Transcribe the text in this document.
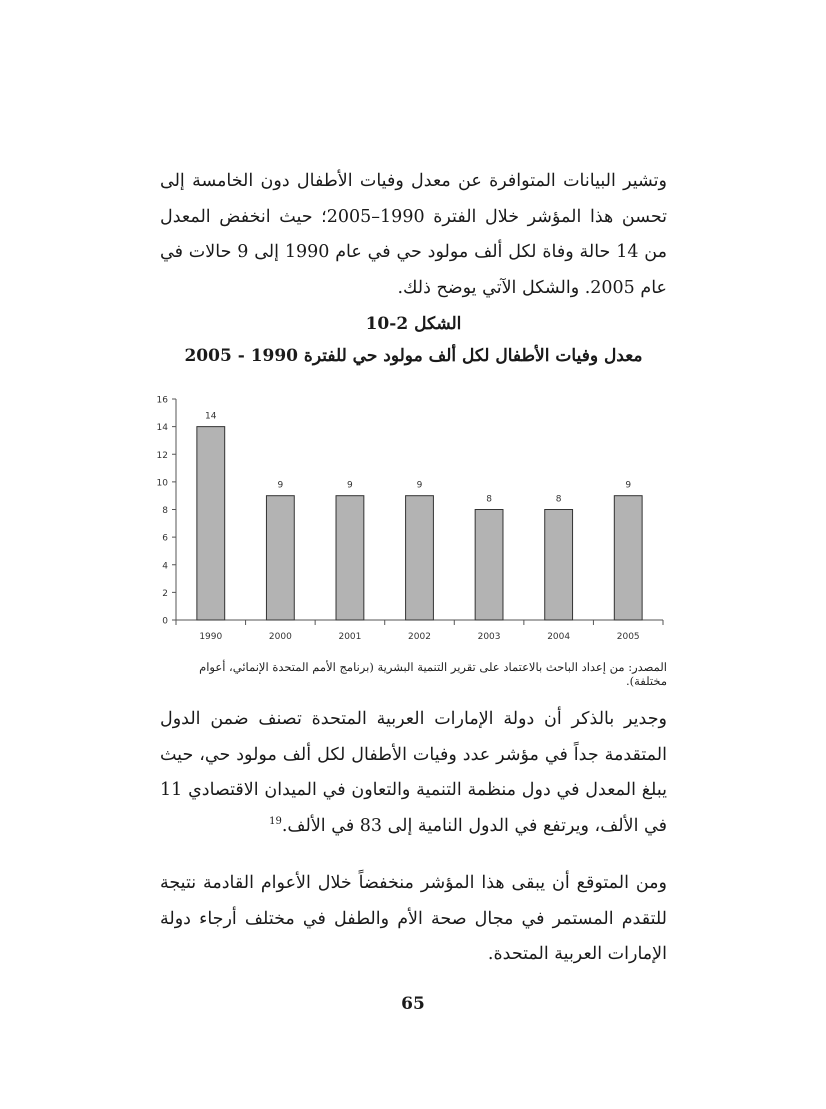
وتشير البيانات المتوافرة عن معدل وفيات الأطفال دون الخامسة إلى تحسن هذا المؤشر خلال الفترة 1990–2005؛ حيث انخفض المعدل من 14 حالة وفاة لكل ألف مولود حي في عام 1990 إلى 9 حالات في عام 2005. والشكل الآتي يوضح ذلك.

الشكل 2-10
معدل وفيات الأطفال لكل ألف مولود حي للفترة 1990 - 2005
0
2
4
6
8
10
12
14
16
1990	2000	2001	2002	2003	2004	2005
14
9	9	9
8	8
9
المصدر: من إعداد الباحث بالاعتماد على تقرير التنمية البشرية (برنامج الأمم المتحدة الإنمائي، أعوام مختلفة).

وجدير بالذكر أن دولة الإمارات العربية المتحدة تصنف ضمن الدول المتقدمة جداً في مؤشر عدد وفيات الأطفال لكل ألف مولود حي، حيث يبلغ المعدل في دول منظمة التنمية والتعاون في الميدان الاقتصادي 11 في الألف، ويرتفع في الدول النامية إلى 83 في الألف.$^{19}$

ومن المتوقع أن يبقى هذا المؤشر منخفضاً خلال الأعوام القادمة نتيجة للتقدم المستمر في مجال صحة الأم والطفل في مختلف أرجاء دولة الإمارات العربية المتحدة.

65
